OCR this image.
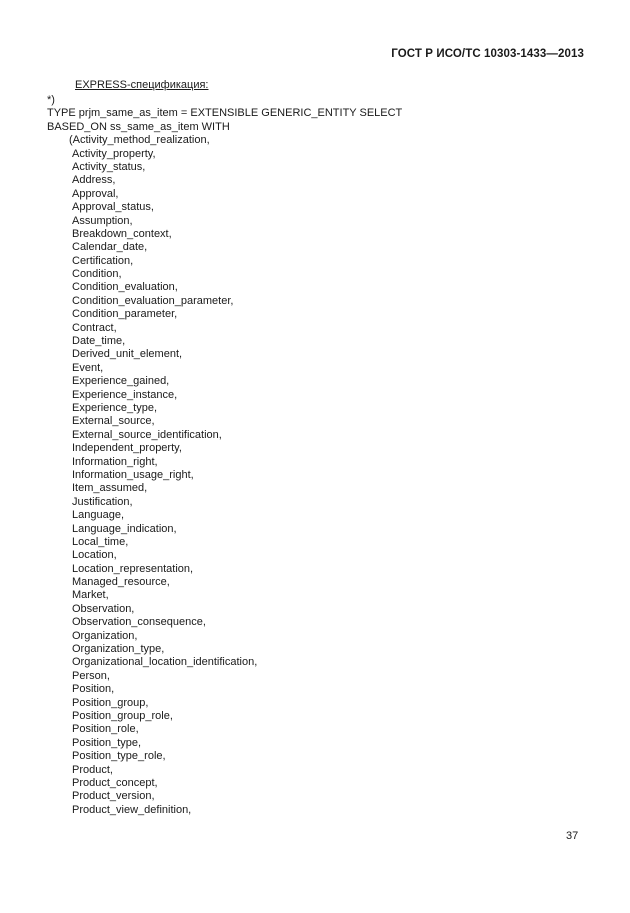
ГОСТ Р ИСО/ТС 10303-1433—2013
EXPRESS-спецификация:
*)
TYPE prjm_same_as_item = EXTENSIBLE GENERIC_ENTITY SELECT
BASED_ON ss_same_as_item WITH
(Activity_method_realization,
Activity_property,
Activity_status,
Address,
Approval,
Approval_status,
Assumption,
Breakdown_context,
Calendar_date,
Certification,
Condition,
Condition_evaluation,
Condition_evaluation_parameter,
Condition_parameter,
Contract,
Date_time,
Derived_unit_element,
Event,
Experience_gained,
Experience_instance,
Experience_type,
External_source,
External_source_identification,
Independent_property,
Information_right,
Information_usage_right,
Item_assumed,
Justification,
Language,
Language_indication,
Local_time,
Location,
Location_representation,
Managed_resource,
Market,
Observation,
Observation_consequence,
Organization,
Organization_type,
Organizational_location_identification,
Person,
Position,
Position_group,
Position_group_role,
Position_role,
Position_type,
Position_type_role,
Product,
Product_concept,
Product_version,
Product_view_definition,
37
